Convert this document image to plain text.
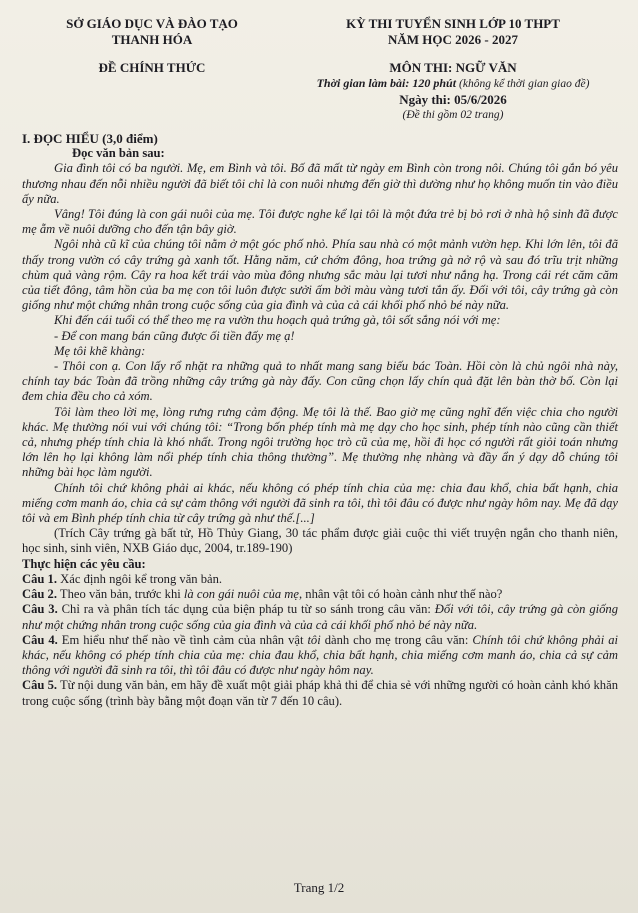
SỞ GIÁO DỤC VÀ ĐÀO TẠO

THANH HÓA

ĐỀ CHÍNH THỨC

KỲ THI TUYỂN SINH LỚP 10 THPT

NĂM HỌC 2026 - 2027

MÔN THI: NGỮ VĂN

Thời gian làm bài: 120 phút (không kể thời gian giao đề)

Ngày thi: 05/6/2026

(Đề thi gồm 02 trang)

I. ĐỌC HIỂU (3,0 điểm)

Đọc văn bản sau:

Gia đình tôi có ba người. Mẹ, em Bình và tôi. Bố đã mất từ ngày em Bình còn trong nôi. Chúng tôi gắn bó yêu thương nhau đến nỗi nhiều người đã biết tôi chỉ là con nuôi nhưng đến giờ thì dường như họ không muốn tin vào điều ấy nữa.

Vâng! Tôi đúng là con gái nuôi của mẹ. Tôi được nghe kể lại tôi là một đứa trẻ bị bỏ rơi ở nhà hộ sinh đã được mẹ ẵm về nuôi dưỡng cho đến tận bây giờ.

Ngôi nhà cũ kĩ của chúng tôi nằm ở một góc phố nhỏ. Phía sau nhà có một mảnh vườn hẹp. Khi lớn lên, tôi đã thấy trong vườn có cây trứng gà xanh tốt. Hằng năm, cứ chớm đông, hoa trứng gà nở rộ và sau đó trĩu trịt những chùm quả vàng rộm. Cây ra hoa kết trái vào mùa đông nhưng sắc màu lại tươi như nắng hạ. Trong cái rét căm căm của tiết đông, tâm hồn của ba mẹ con tôi luôn được sưởi ấm bởi màu vàng tươi tắn ấy. Đối với tôi, cây trứng gà còn giống như một chứng nhân trong cuộc sống của gia đình và của cả cái khối phố nhỏ bé này nữa.

Khi đến cái tuổi có thể theo mẹ ra vườn thu hoạch quả trứng gà, tôi sốt sắng nói với mẹ:

- Để con mang bán cũng được ối tiền đấy mẹ ạ!

Mẹ tôi khẽ khàng:

- Thôi con ạ. Con lấy rổ nhặt ra những quả to nhất mang sang biếu bác Toàn. Hồi còn là chủ ngôi nhà này, chính tay bác Toàn đã trồng những cây trứng gà này đấy. Con cũng chọn lấy chín quả đặt lên bàn thờ bố. Còn lại đem chia đều cho cả xóm.

Tôi làm theo lời mẹ, lòng rưng rưng cảm động. Mẹ tôi là thế. Bao giờ mẹ cũng nghĩ đến việc chia cho người khác. Mẹ thường nói vui với chúng tôi: “Trong bốn phép tính mà mẹ dạy cho học sinh, phép tính nào cũng cần thiết cả, nhưng phép tính chia là khó nhất. Trong ngôi trường học trò cũ của mẹ, hồi đi học có người rất giỏi toán nhưng lớn lên họ lại không làm nổi phép tính chia thông thường”. Mẹ thường nhẹ nhàng và đầy ẩn ý dạy dỗ chúng tôi những bài học làm người.

Chính tôi chứ không phải ai khác, nếu không có phép tính chia của mẹ: chia đau khổ, chia bất hạnh, chia miếng cơm manh áo, chia cả sự cảm thông với người đã sinh ra tôi, thì tôi đâu có được như ngày hôm nay. Mẹ đã dạy tôi và em Bình phép tính chia từ cây trứng gà như thế.[...]

(Trích Cây trứng gà bất tử, Hồ Thủy Giang, 30 tác phẩm được giải cuộc thi viết truyện ngắn cho thanh niên, học sinh, sinh viên, NXB Giáo dục, 2004, tr.189-190)

Thực hiện các yêu cầu:

Câu 1. Xác định ngôi kể trong văn bản.

Câu 2. Theo văn bản, trước khi là con gái nuôi của mẹ, nhân vật tôi có hoàn cảnh như thế nào?

Câu 3. Chỉ ra và phân tích tác dụng của biện pháp tu từ so sánh trong câu văn: Đối với tôi, cây trứng gà còn giống như một chứng nhân trong cuộc sống của gia đình và của cả cái khối phố nhỏ bé này nữa.

Câu 4. Em hiểu như thế nào về tình cảm của nhân vật tôi dành cho mẹ trong câu văn: Chính tôi chứ không phải ai khác, nếu không có phép tính chia của mẹ: chia đau khổ, chia bất hạnh, chia miếng cơm manh áo, chia cả sự cảm thông với người đã sinh ra tôi, thì tôi đâu có được như ngày hôm nay.

Câu 5. Từ nội dung văn bản, em hãy đề xuất một giải pháp khả thi để chia sẻ với những người có hoàn cảnh khó khăn trong cuộc sống (trình bày bằng một đoạn văn từ 7 đến 10 câu).

Trang 1/2
